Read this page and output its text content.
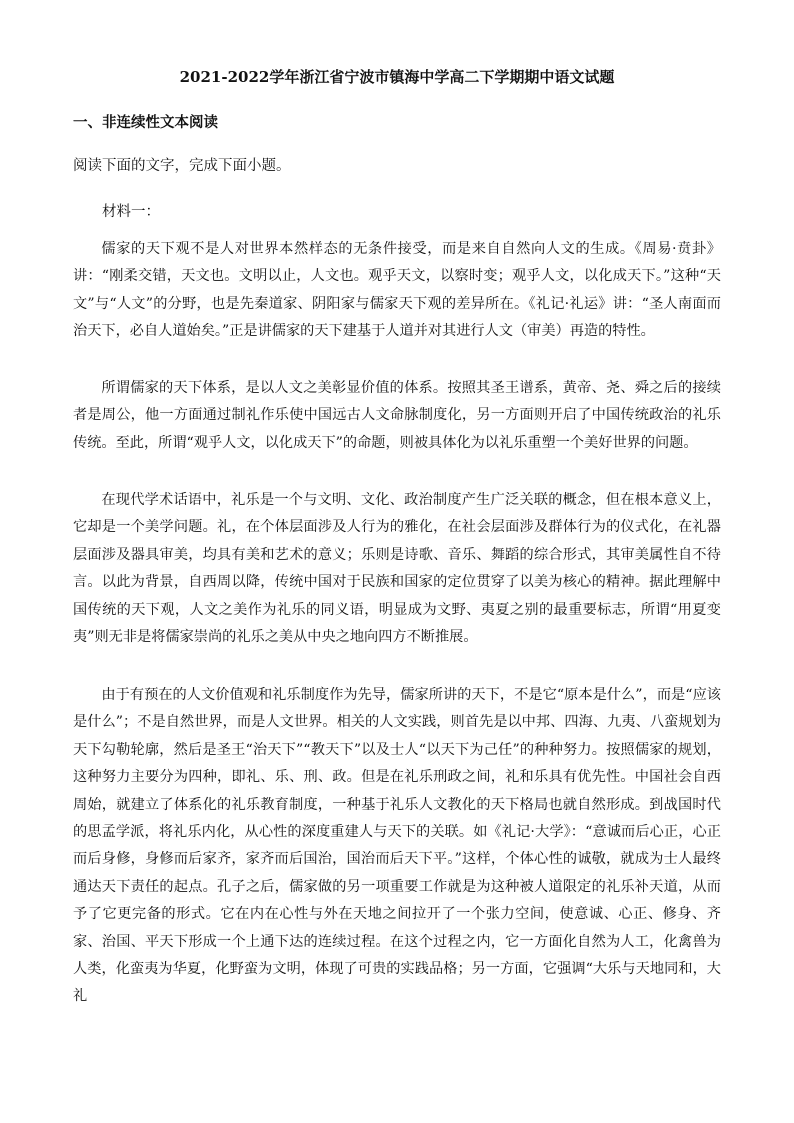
2021-2022学年浙江省宁波市镇海中学高二下学期期中语文试题
一、非连续性文本阅读
阅读下面的文字，完成下面小题。
材料一：

儒家的天下观不是人对世界本然样态的无条件接受，而是来自自然向人文的生成。《周易·贲卦》讲：“刚柔交错，天文也。文明以止，人文也。观乎天文，以察时变；观乎人文，以化成天下。”这种“天文”与“人文”的分野，也是先秦道家、阴阳家与儒家天下观的差异所在。《礼记·礼运》讲：“圣人南面而治天下，必自人道始矣。”正是讲儒家的天下建基于人道并对其进行人文（审美）再造的特性。

所谓儒家的天下体系，是以人文之美彰显价值的体系。按照其圣王谱系，黄帝、尧、舜之后的接续者是周公，他一方面通过制礼作乐使中国远古人文命脉制度化，另一方面则开启了中国传统政治的礼乐传统。至此，所谓“观乎人文，以化成天下”的命题，则被具体化为以礼乐重塑一个美好世界的问题。

在现代学术话语中，礼乐是一个与文明、文化、政治制度产生广泛关联的概念，但在根本意义上，它却是一个美学问题。礼，在个体层面涉及人行为的雅化，在社会层面涉及群体行为的仪式化，在礼器层面涉及器具审美，均具有美和艺术的意义；乐则是诗歌、音乐、舞蹈的综合形式，其审美属性自不待言。以此为背景，自西周以降，传统中国对于民族和国家的定位贯穿了以美为核心的精神。据此理解中国传统的天下观，人文之美作为礼乐的同义语，明显成为文野、夷夏之别的最重要标志，所谓“用夏变夷”则无非是将儒家崇尚的礼乐之美从中央之地向四方不断推展。

由于有预在的人文价值观和礼乐制度作为先导，儒家所讲的天下，不是它“原本是什么”，而是“应该是什么”；不是自然世界，而是人文世界。相关的人文实践，则首先是以中邦、四海、九夷、八蛮规划为天下勾勒轮廓，然后是圣王“治天下”“教天下”以及士人“以天下为己任”的种种努力。按照儒家的规划，这种努力主要分为四种，即礼、乐、刑、政。但是在礼乐刑政之间，礼和乐具有优先性。中国社会自西周始，就建立了体系化的礼乐教育制度，一种基于礼乐人文教化的天下格局也就自然形成。到战国时代的思孟学派，将礼乐内化，从心性的深度重建人与天下的关联。如《礼记·大学》：“意诚而后心正，心正而后身修，身修而后家齐，家齐而后国治，国治而后天下平。”这样，个体心性的诚敬，就成为士人最终通达天下责任的起点。孔子之后，儒家做的另一项重要工作就是为这种被人道限定的礼乐补天道，从而予了它更完备的形式。它在内在心性与外在天地之间拉开了一个张力空间，使意诚、心正、修身、齐家、治国、平天下形成一个上通下达的连续过程。在这个过程之内，它一方面化自然为人工，化禽兽为人类，化蛮夷为华夏，化野蛮为文明，体现了可贵的实践品格；另一方面，它强调“大乐与天地同和，大礼
